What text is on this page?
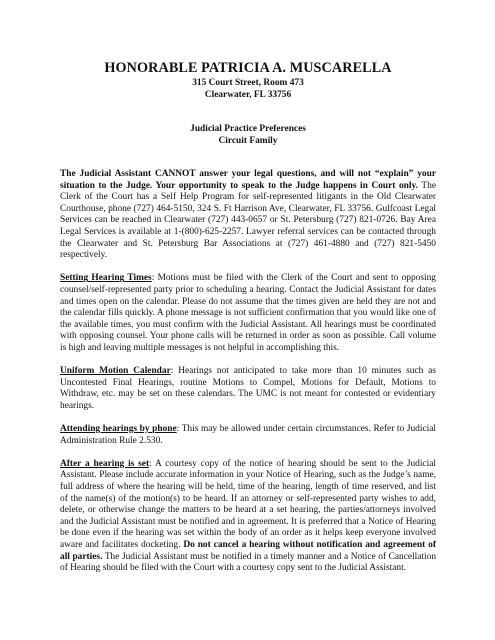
HONORABLE PATRICIA A. MUSCARELLA

315 Court Street, Room 473

Clearwater, FL 33756

Judicial Practice Preferences
Circuit Family

The Judicial Assistant CANNOT answer your legal questions, and will not “explain” your situation to the Judge. Your opportunity to speak to the Judge happens in Court only. The Clerk of the Court has a Self Help Program for self-represented litigants in the Old Clearwater Courthouse, phone (727) 464-5150, 324 S. Ft Harrison Ave, Clearwater, FL 33756. Gulfcoast Legal Services can be reached in Clearwater (727) 443-0657 or St. Petersburg (727) 821-0726. Bay Area Legal Services is available at 1-(800)-625-2257. Lawyer referral services can be contacted through the Clearwater and St. Petersburg Bar Associations at (727) 461-4880 and (727) 821-5450 respectively.

Setting Hearing Times: Motions must be filed with the Clerk of the Court and sent to opposing counsel/self-represented party prior to scheduling a hearing. Contact the Judicial Assistant for dates and times open on the calendar. Please do not assume that the times given are held they are not and the calendar fills quickly. A phone message is not sufficient confirmation that you would like one of the available times, you must confirm with the Judicial Assistant. All hearings must be coordinated with opposing counsel. Your phone calls will be returned in order as soon as possible. Call volume is high and leaving multiple messages is not helpful in accomplishing this.

Uniform Motion Calendar: Hearings not anticipated to take more than 10 minutes such as Uncontested Final Hearings, routine Motions to Compel, Motions for Default, Motions to Withdraw, etc. may be set on these calendars. The UMC is not meant for contested or evidentiary hearings.

Attending hearings by phone: This may be allowed under certain circumstances. Refer to Judicial Administration Rule 2.530.

After a hearing is set: A courtesy copy of the notice of hearing should be sent to the Judicial Assistant. Please include accurate information in your Notice of Hearing, such as the Judge’s name, full address of where the hearing will be held, time of the hearing, length of time reserved, and list of the name(s) of the motion(s) to be heard. If an attorney or self-represented party wishes to add, delete, or otherwise change the matters to be heard at a set hearing, the parties/attorneys involved and the Judicial Assistant must be notified and in agreement. It is preferred that a Notice of Hearing be done even if the hearing was set within the body of an order as it helps keep everyone involved aware and facilitates docketing. Do not cancel a hearing without notification and agreement of all parties. The Judicial Assistant must be notified in a timely manner and a Notice of Cancellation of Hearing should be filed with the Court with a courtesy copy sent to the Judicial Assistant.
